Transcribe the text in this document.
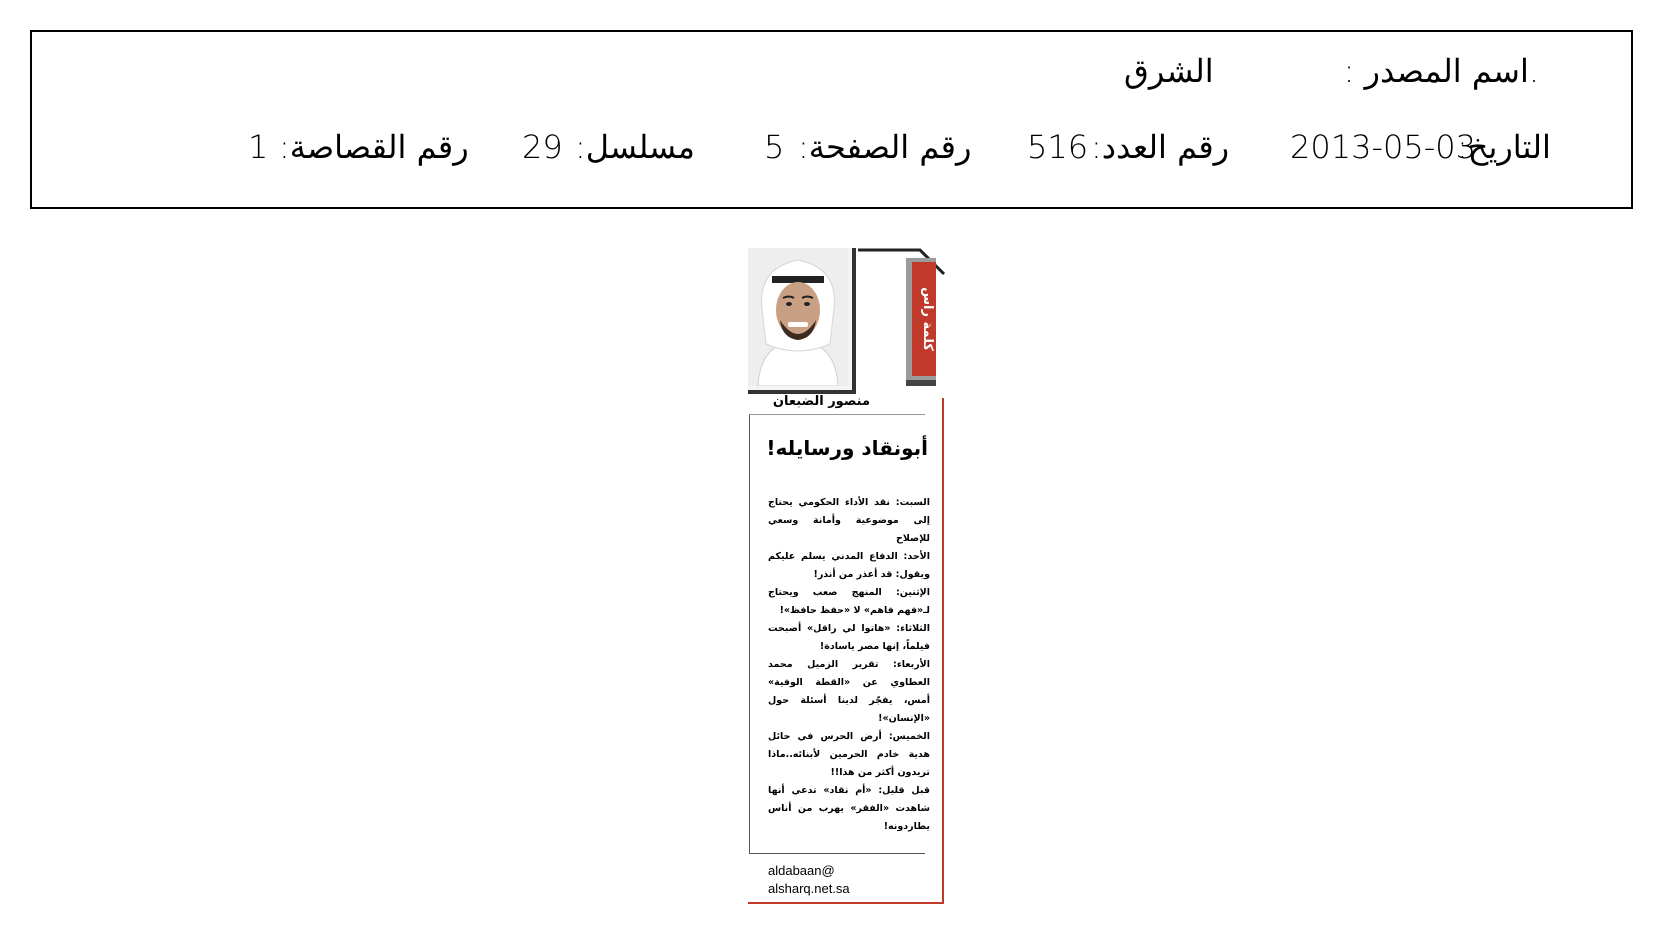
.اسم المصدر :
الشرق
التاريخ:
2013-05-03
رقم العدد:
516
رقم الصفحة:
5
مسلسل:
29
رقم القصاصة:
1
كلمة راس
منصور الضبعان
أبونقاد ورسايله!

السبت: نقد الأداء الحكومي يحتاج إلى موضوعية وأمانة وسعي للإصلاح

الأحد: الدفاع المدني يسلم عليكم ويقول: قد أعذر من أنذر!

الإثنين: المنهج صعب ويحتاج لـ«فهم فاهم» لا «حفظ حافظ»!

الثلاثاء: «هاتوا لي راقل» أصبحت فيلماً، إنها مصر ياسادة!

الأربعاء: تقرير الزميل محمد العطاوي عن «القطة الوفية» أمس، يفجّر لدينا أسئلة حول «الإنسان»!

الخميس: أرض الحرس في حائل هدية خادم الحرمين لأبنائه..ماذا تريدون أكثر من هذا!!

قبل قليل: «أم نقاد» تدعي أنها شاهدت «الفقر» يهرب من أناس يطاردونه!

aldabaan@
alsharq.net.sa
